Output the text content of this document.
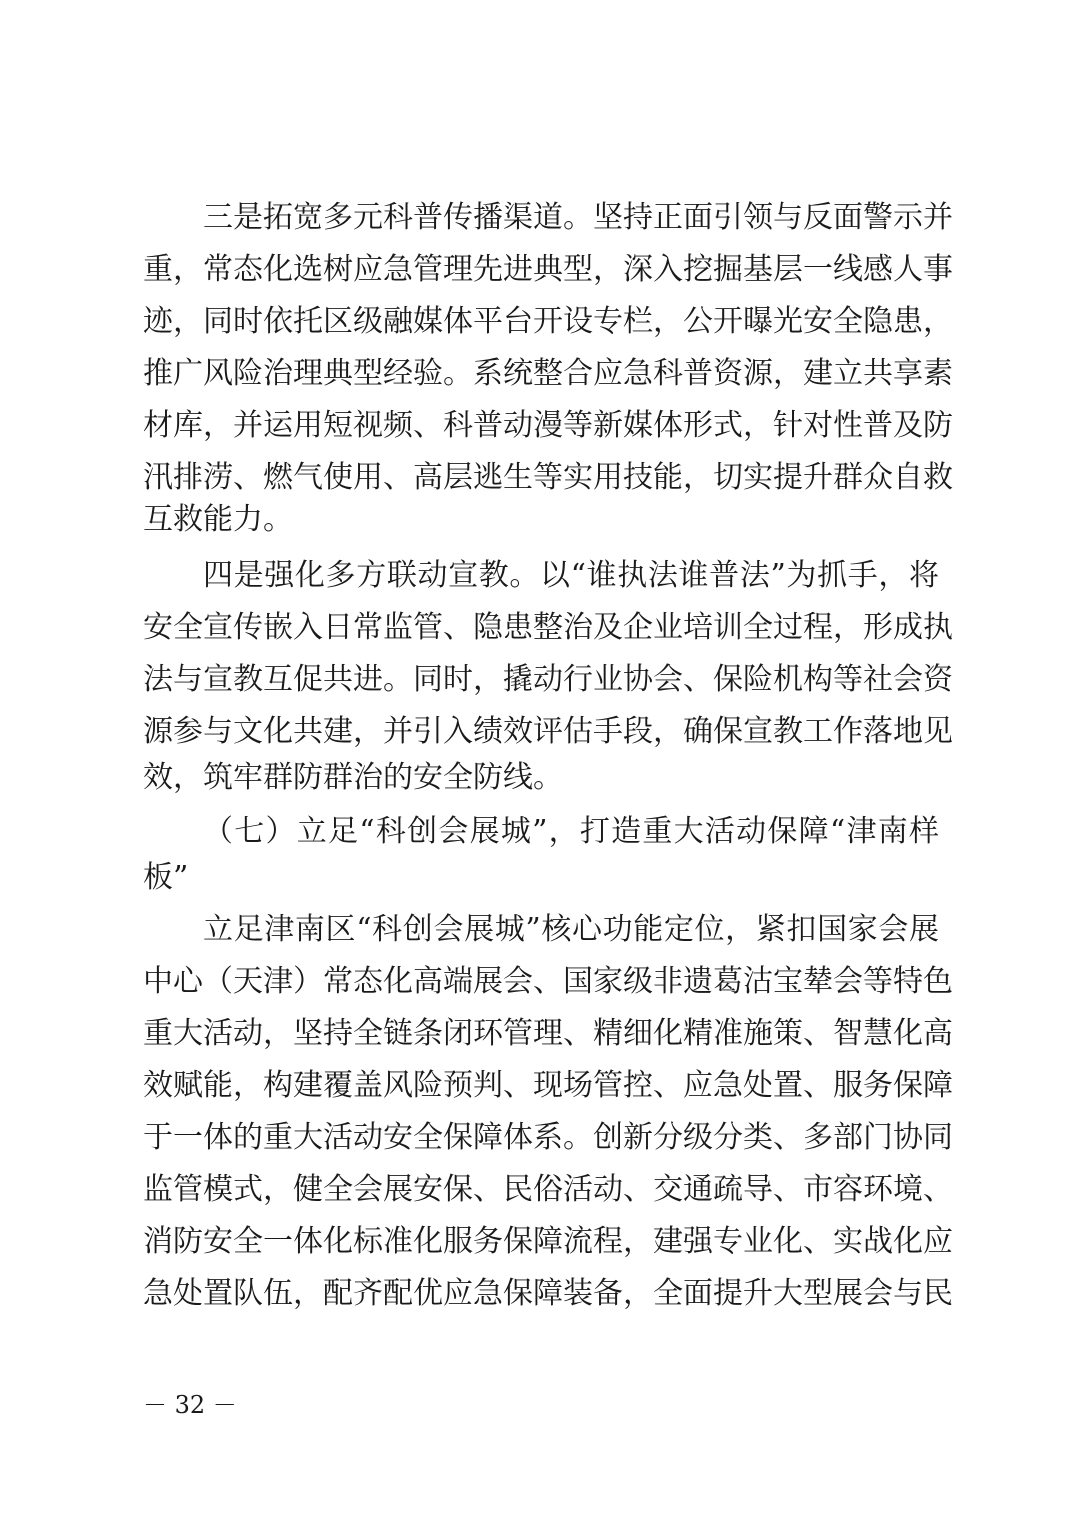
三是拓宽多元科普传播渠道。坚持正面引领与反面警示并
重，常态化选树应急管理先进典型，深入挖掘基层一线感人事
迹，同时依托区级融媒体平台开设专栏，公开曝光安全隐患，
推广风险治理典型经验。系统整合应急科普资源，建立共享素
材库，并运用短视频、科普动漫等新媒体形式，针对性普及防
汛排涝、燃气使用、高层逃生等实用技能，切实提升群众自救
互救能力。
四是强化多方联动宣教。以“谁执法谁普法”为抓手，将
安全宣传嵌入日常监管、隐患整治及企业培训全过程，形成执
法与宣教互促共进。同时，撬动行业协会、保险机构等社会资
源参与文化共建，并引入绩效评估手段，确保宣教工作落地见
效，筑牢群防群治的安全防线。
（七）立足“科创会展城”，打造重大活动保障“津南样
板”
立足津南区“科创会展城”核心功能定位，紧扣国家会展
中心（天津）常态化高端展会、国家级非遗葛沽宝辇会等特色
重大活动，坚持全链条闭环管理、精细化精准施策、智慧化高
效赋能，构建覆盖风险预判、现场管控、应急处置、服务保障
于一体的重大活动安全保障体系。创新分级分类、多部门协同
监管模式，健全会展安保、民俗活动、交通疏导、市容环境、
消防安全一体化标准化服务保障流程，建强专业化、实战化应
急处置队伍，配齐配优应急保障装备，全面提升大型展会与民
－ 32 －
